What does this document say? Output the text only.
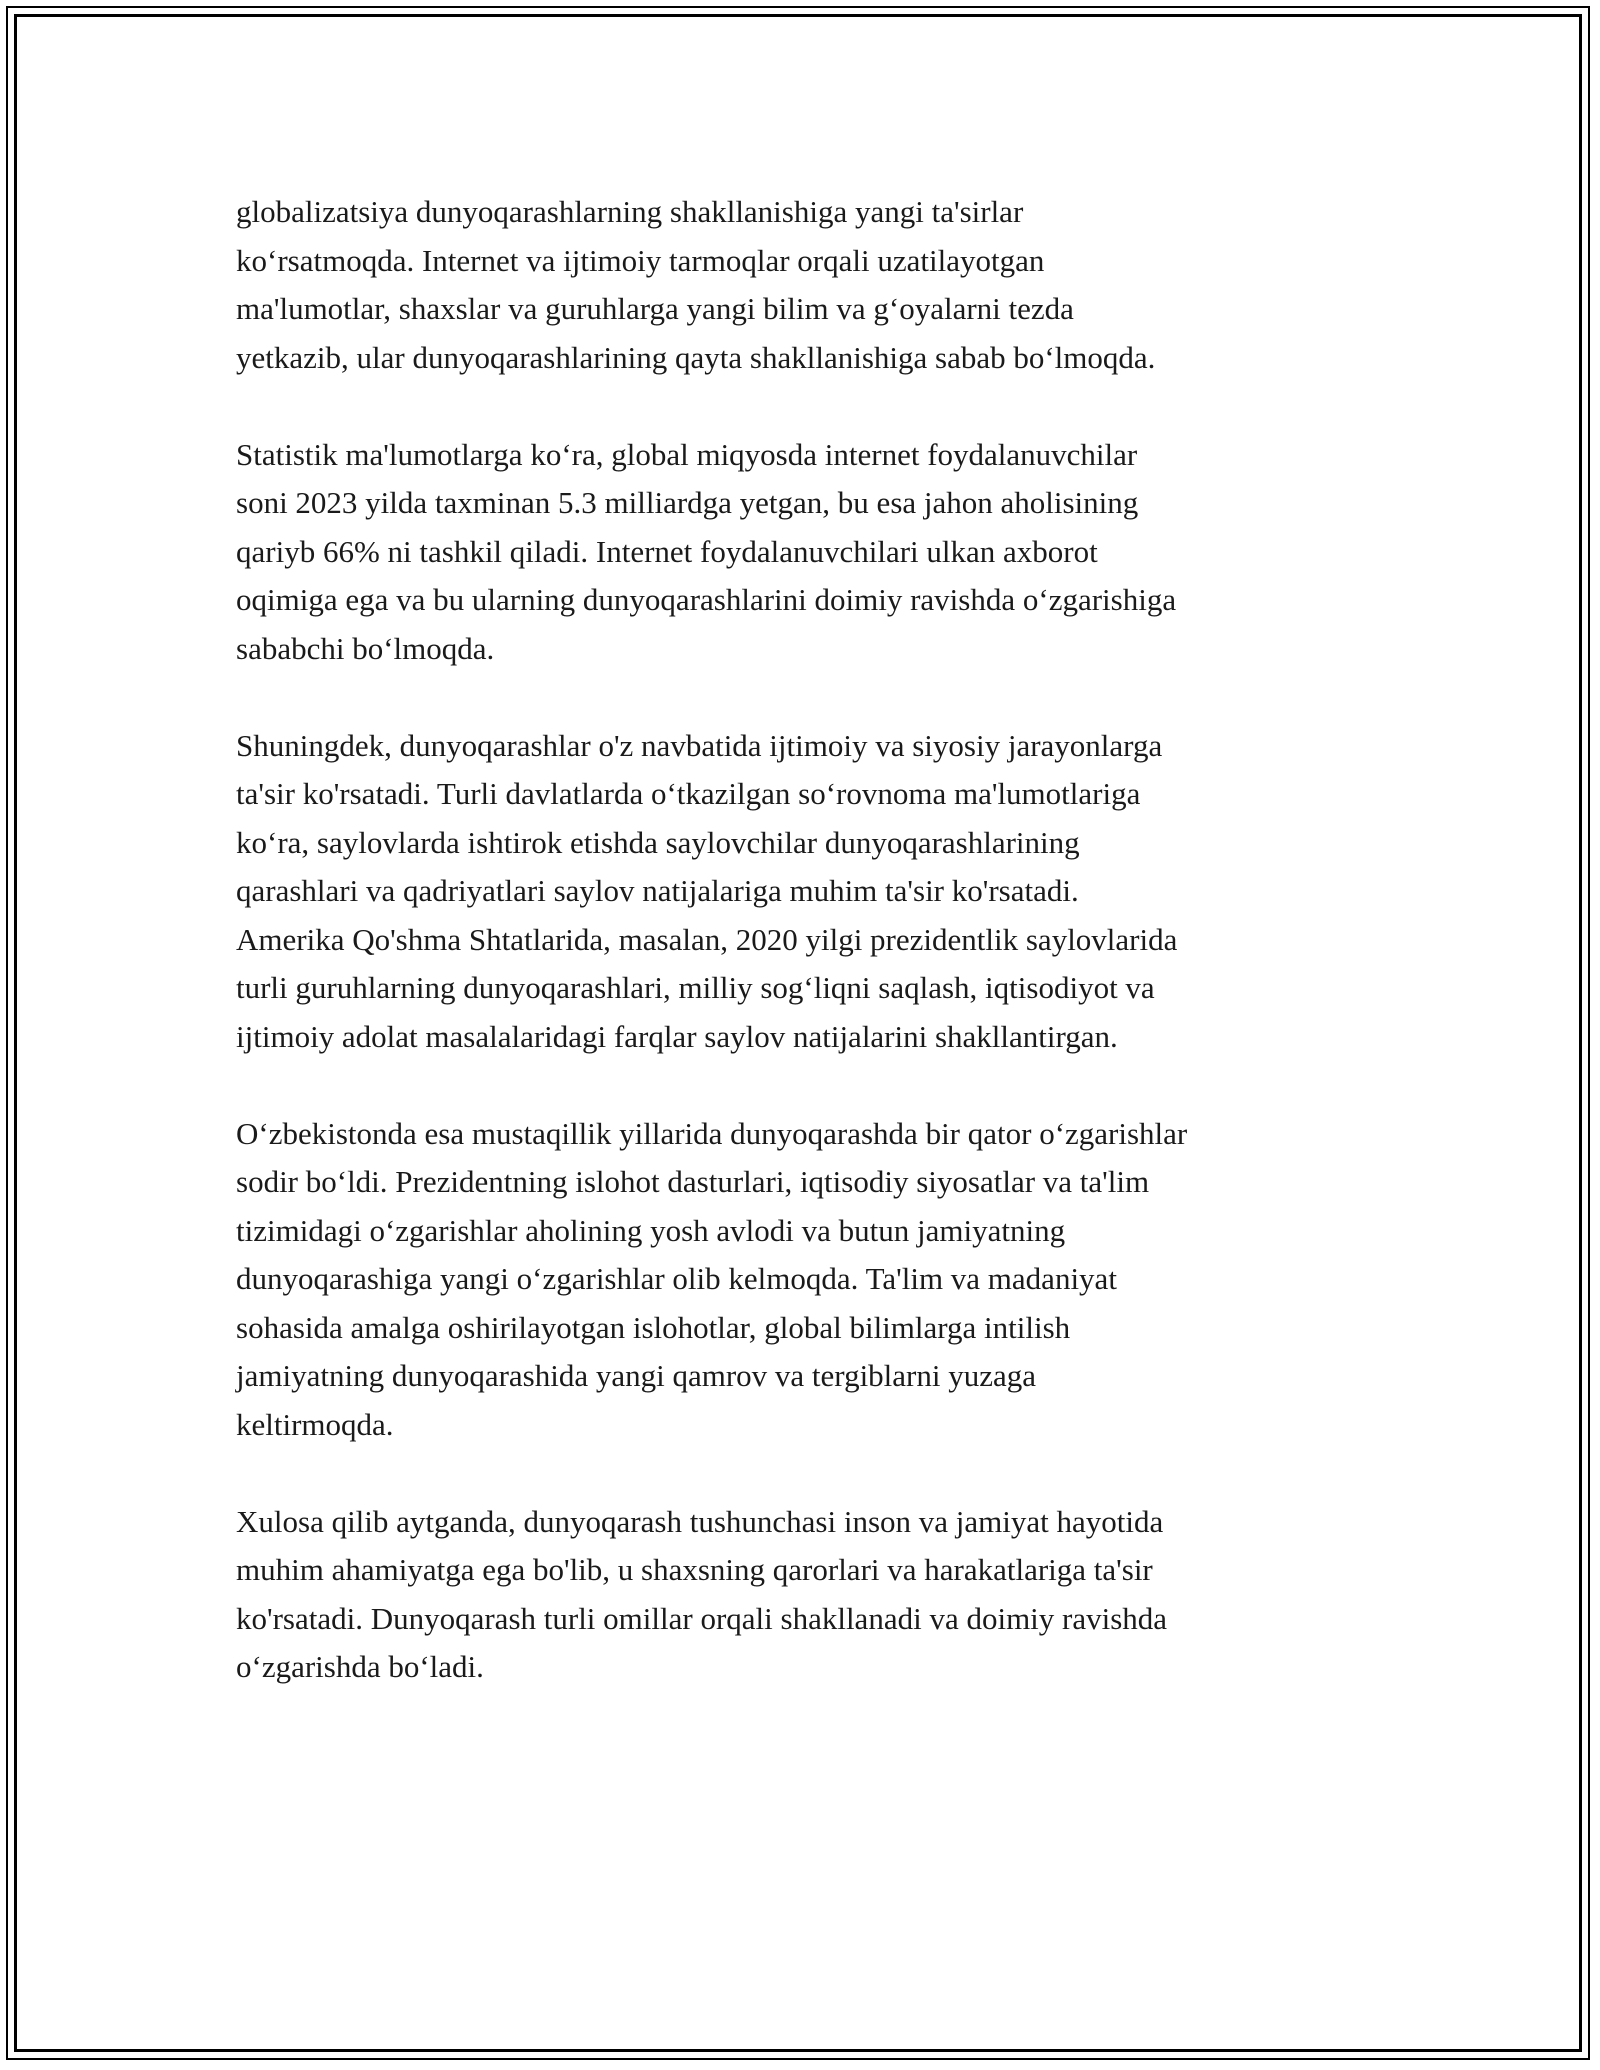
globalizatsiya dunyoqarashlarning shakllanishiga yangi ta'sirlar
ko‘rsatmoqda. Internet va ijtimoiy tarmoqlar orqali uzatilayotgan
ma'lumotlar, shaxslar va guruhlarga yangi bilim va g‘oyalarni tezda
yetkazib, ular dunyoqarashlarining qayta shakllanishiga sabab bo‘lmoqda.

Statistik ma'lumotlarga ko‘ra, global miqyosda internet foydalanuvchilar
soni 2023 yilda taxminan 5.3 milliardga yetgan, bu esa jahon aholisining
qariyb 66% ni tashkil qiladi. Internet foydalanuvchilari ulkan axborot
oqimiga ega va bu ularning dunyoqarashlarini doimiy ravishda o‘zgarishiga
sababchi bo‘lmoqda.

Shuningdek, dunyoqarashlar o'z navbatida ijtimoiy va siyosiy jarayonlarga
ta'sir ko'rsatadi. Turli davlatlarda o‘tkazilgan so‘rovnoma ma'lumotlariga
ko‘ra, saylovlarda ishtirok etishda saylovchilar dunyoqarashlarining
qarashlari va qadriyatlari saylov natijalariga muhim ta'sir ko'rsatadi.
Amerika Qo'shma Shtatlarida, masalan, 2020 yilgi prezidentlik saylovlarida
turli guruhlarning dunyoqarashlari, milliy sog‘liqni saqlash, iqtisodiyot va
ijtimoiy adolat masalalaridagi farqlar saylov natijalarini shakllantirgan.

O‘zbekistonda esa mustaqillik yillarida dunyoqarashda bir qator o‘zgarishlar
sodir bo‘ldi. Prezidentning islohot dasturlari, iqtisodiy siyosatlar va ta'lim
tizimidagi o‘zgarishlar aholining yosh avlodi va butun jamiyatning
dunyoqarashiga yangi o‘zgarishlar olib kelmoqda. Ta'lim va madaniyat
sohasida amalga oshirilayotgan islohotlar, global bilimlarga intilish
jamiyatning dunyoqarashida yangi qamrov va tergiblarni yuzaga
keltirmoqda.

Xulosa qilib aytganda, dunyoqarash tushunchasi inson va jamiyat hayotida
muhim ahamiyatga ega bo'lib, u shaxsning qarorlari va harakatlariga ta'sir
ko'rsatadi. Dunyoqarash turli omillar orqali shakllanadi va doimiy ravishda
o‘zgarishda bo‘ladi.
